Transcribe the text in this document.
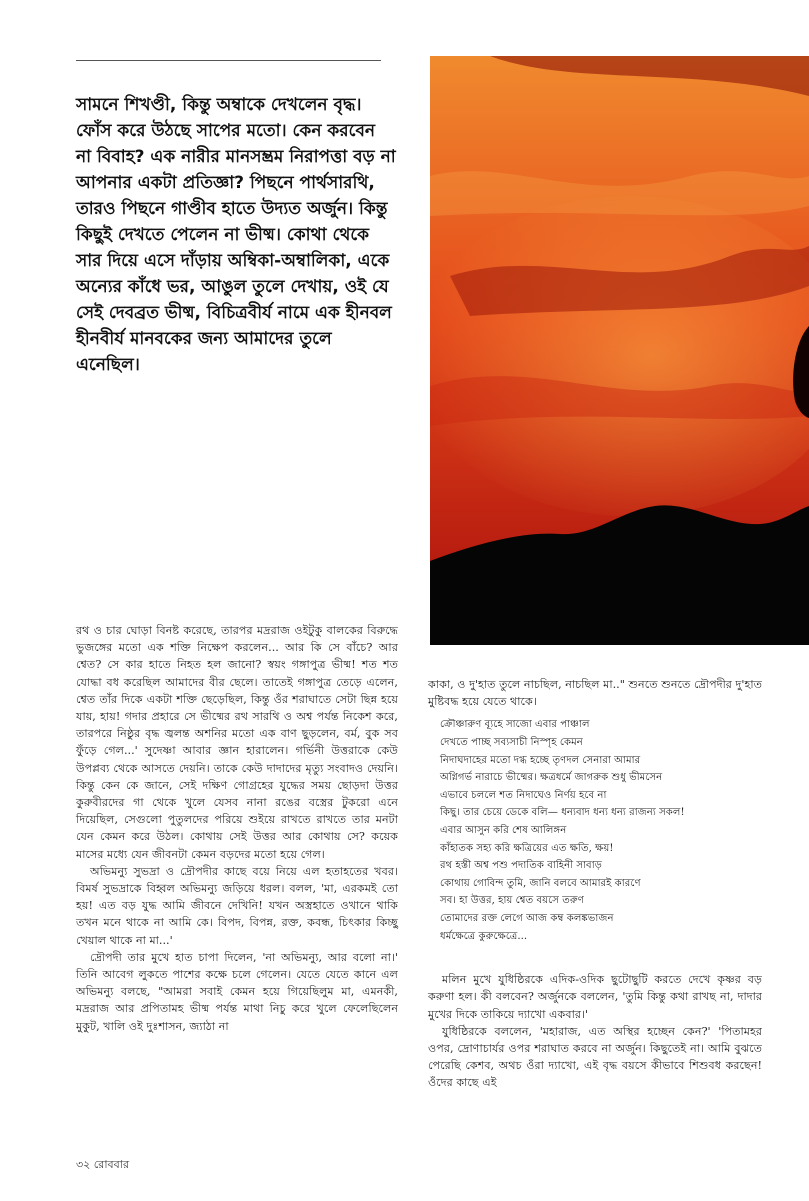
সামনে শিখণ্ডী, কিন্তু অম্বাকে দেখলেন বৃদ্ধ। ফোঁস করে উঠছে সাপের মতো। কেন করবেন না বিবাহ? এক নারীর মানসম্ভ্রম নিরাপত্তা বড় না আপনার একটা প্রতিজ্ঞা? পিছনে পার্থসারথি, তারও পিছনে গাণ্ডীব হাতে উদ্যত অর্জুন। কিন্তু কিছুই দেখতে পেলেন না ভীষ্ম। কোথা থেকে সার দিয়ে এসে দাঁড়ায় অম্বিকা-অম্বালিকা, একে অন্যের কাঁধে ভর, আঙুল তুলে দেখায়, ওই যে সেই দেবব্রত ভীষ্ম, বিচিত্রবীর্য নামে এক হীনবল হীনবীর্য মানবকের জন্য আমাদের তুলে এনেছিল।

রথ ও চার ঘোড়া বিনষ্ট করেছে, তারপর মদ্ররাজ ওইটুকু বালকের বিরুদ্ধে ভুজঙ্গের মতো এক শক্তি নিক্ষেপ করলেন... আর কি সে বাঁচে? আর শ্বেত? সে কার হাতে নিহত হল জানো? স্বয়ং গঙ্গাপুত্র ভীষ্ম! শত শত যোদ্ধা বধ করেছিল আমাদের বীর ছেলে। তাতেই গঙ্গাপুত্র তেড়ে এলেন, শ্বেত তাঁর দিকে একটা শক্তি ছেড়েছিল, কিন্তু ওঁর শরাঘাতে সেটা ছিন্ন হয়ে যায়, হায়! গদার প্রহারে সে ভীষ্মের রথ সারথি ও অশ্ব পর্যন্ত নিকেশ করে, তারপরে নিষ্ঠুর বৃদ্ধ জ্বলন্ত অশনির মতো এক বাণ ছুড়লেন, বর্ম, বুক সব ফুঁড়ে গেল...' সুদেষ্ণা আবার জ্ঞান হারালেন। গর্ভিনী উত্তরাকে কেউ উপপ্লব্য থেকে আসতে দেয়নি। তাকে কেউ দাদাদের মৃত্যু সংবাদও দেয়নি। কিন্তু কেন কে জানে, সেই দক্ষিণ গোগ্রহের যুদ্ধের সময় ছোড়দা উত্তর কুরুবীরদের গা থেকে খুলে যেসব নানা রঙের বস্ত্রের টুকরো এনে দিয়েছিল, সেগুলো পুতুলদের পরিয়ে শুইয়ে রাখতে রাখতে তার মনটা যেন কেমন করে উঠল। কোথায় সেই উত্তর আর কোথায় সে? কয়েক মাসের মধ্যে যেন জীবনটা কেমন বড়দের মতো হয়ে গেল।

অভিমন্যু সুভদ্রা ও দ্রৌপদীর কাছে বয়ে নিয়ে এল হতাহতের খবর। বিমর্ষ সুভদ্রাকে বিহ্বল অভিমন্যু জড়িয়ে ধরল। বলল, 'মা, এরকমই তো হয়! এত বড় যুদ্ধ আমি জীবনে দেখিনি! যখন অস্ত্রহাতে ওখানে থাকি তখন মনে থাকে না আমি কে। বিপদ, বিপন্ন, রক্ত, কবন্ধ, চিৎকার কিচ্ছু খেয়াল থাকে না মা...'

দ্রৌপদী তার মুখে হাত চাপা দিলেন, 'না অভিমন্যু, আর বলো না।' তিনি আবেগ লুকতে পাশের কক্ষে চলে গেলেন। যেতে যেতে কানে এল অভিমন্যু বলছে, "আমরা সবাই কেমন হয়ে গিয়েছিলুম মা, এমনকী, মদ্ররাজ আর প্রপিতামহ ভীষ্ম পর্যন্ত মাথা নিচু করে খুলে ফেলেছিলেন মুকুট, খালি ওই দুঃশাসন, জ্যাঠা না

কাকা, ও দু'হাত তুলে নাচছিল, নাচছিল মা.." শুনতে শুনতে দ্রৌপদীর দু'হাত মুষ্টিবদ্ধ হয়ে যেতে থাকে।

ক্রৌঞ্চারুণ ব্যূহে সাজো এবার পাঞ্চাল
দেখতে পাচ্ছ সব্যসাচী নিস্পৃহ কেমন
নিদাঘদাহের মতো দগ্ধ হচ্ছে তৃণদল সেনারা আমার
অগ্নিগর্ভ নারাচে ভীষ্মের। ক্ষত্রধর্মে জাগরুক শুধু ভীমসেন
এভাবে চললে শত নিদাঘেও নির্ণয় হবে না
কিছু। তার চেয়ে ডেকে বলি— ধন্যবাদ ধন্য ধন্য রাজন্য সকল!
এবার আসুন করি শেষ আলিঙ্গন
কাঁহাতক সহ্য করি ক্ষত্রিয়ের এত ক্ষতি, ক্ষয়!
রথ হস্তী অশ্ব পশু পদাতিক বাহিনী সাবাড়
কোথায় গোবিন্দ তুমি, জানি বলবে আমারই কারণে
সব। হা উত্তর, হায় শ্বেত বয়সে তরুণ
তোমাদের রক্ত লেগে আজ কম্ব কলঙ্কভাজন
ধর্মক্ষেত্রে কুরুক্ষেত্রে...

মলিন মুখে যুধিষ্ঠিরকে এদিক-ওদিক ছুটোছুটি করতে দেখে কৃষ্ণর বড় করুণা হল। কী বলবেন? অর্জুনকে বললেন, 'তুমি কিন্তু কথা রাখছ না, দাদার মুখের দিকে তাকিয়ে দ্যাখো একবার।'

যুধিষ্ঠিরকে বললেন, 'মহারাজ, এত অস্থির হচ্ছেন কেন?' 'পিতামহর ওপর, দ্রোণাচার্যর ওপর শরাঘাত করবে না অর্জুন। কিছুতেই না। আমি বুঝতে পেরেছি কেশব, অথচ ওঁরা দ্যাখো, এই বৃদ্ধ বয়সে কীভাবে শিশুবধ করছেন! ওঁদের কাছে এই

৩২ রোববার
